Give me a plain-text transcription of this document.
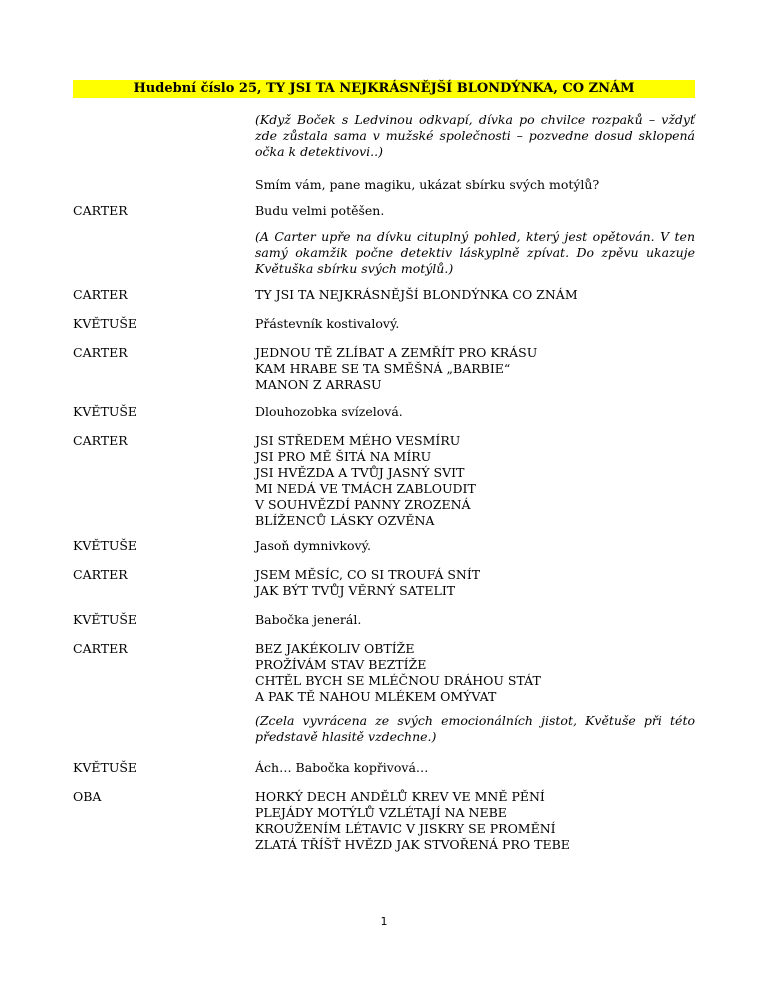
Hudební číslo 25, TY JSI TA NEJKRÁSNĚJŠÍ BLONDÝNKA, CO ZNÁM
(Když Boček s Ledvinou odkvapí, dívka po chvilce rozpaků – vždyť zde zůstala sama v mužské společnosti – pozvedne dosud sklopená očka k detektivovi..)
Smím vám, pane magiku, ukázat sbírku svých motýlů?
CARTER	Budu velmi potěšen.
(A Carter upře na dívku citupln​ý pohled, který jest opětován. V ten samý okamžik počne detektiv láskyplně zpívat. Do zpěvu ukazuje Květuška sbírku svých motýlů.)
CARTER	TY JSI TA NEJKRÁSNĚJŠÍ BLONDÝNKA CO ZNÁM
KVĚTUŠE	Přástevník kostivalový.
CARTER	JEDNOU TĚ ZLÍBAT A ZEMŘÍT PRO KRÁSU
KAM HRABE SE TA SMĚŠNÁ „BARBIE“
MANON Z ARRASU
KVĚTUŠE	Dlouhozobka svízelová.
CARTER	JSI STŘEDEM MÉHO VESMÍRU
JSI PRO MĚ ŠITÁ NA MÍRU
JSI HVĚZDA A TVŮJ JASNÝ SVIT
MI NEDÁ VE TMÁCH ZABLOUDIT
V SOUHVĚZDÍ PANNY ZROZENÁ
BLÍŽENCŮ LÁSKY OZVĚNA
KVĚTUŠE	Jasoň dymnivkový.
CARTER	JSEM MĚSÍC, CO SI TROUFÁ SNÍT
JAK BÝT TVŮJ VĚRNÝ SATELIT
KVĚTUŠE	Babočka jenerál.
CARTER	BEZ JAKÉKOLIV OBTÍŽE
PROŽÍVÁM STAV BEZTÍŽE
CHTĚL BYCH SE MLÉČNOU DRÁHOU STÁT
A PAK TĚ NAHOU MLÉKEM OMÝVAT
(Zcela vyvrácena ze svých emocionálních jistot, Květuše při této představě hlasitě vzdechne.)
KVĚTUŠE	Ách… Babočka kopřivová…
OBA	HORKÝ DECH ANDĚLŮ KREV VE MNĚ PĚNÍ
PLEJÁDY MOTÝLŮ VZLÉTAJÍ NA NEBE
KROUŽENÍM LÉTAVIC V JISKRY SE PROMĚNÍ
ZLATÁ TŘÍŠŤ HVĚZD JAK STVOŘENÁ PRO TEBE
1
